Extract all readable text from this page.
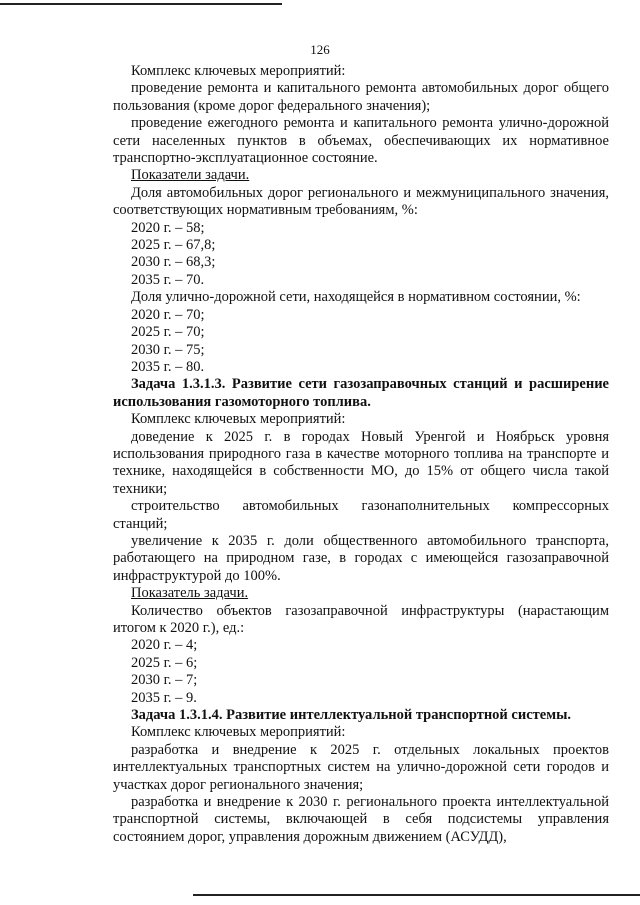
126

Комплекс ключевых мероприятий:

проведение ремонта и капитального ремонта автомобильных дорог общего пользования (кроме дорог федерального значения);

проведение ежегодного ремонта и капитального ремонта улично-дорожной сети населенных пунктов в объемах, обеспечивающих их нормативное транспортно-эксплуатационное состояние.

Показатели задачи.

Доля автомобильных дорог регионального и межмуниципального значения, соответствующих нормативным требованиям, %:

2020 г. – 58;

2025 г. – 67,8;

2030 г. – 68,3;

2035 г. – 70.

Доля улично-дорожной сети, находящейся в нормативном состоянии, %:

2020 г. – 70;

2025 г. – 70;

2030 г. – 75;

2035 г. – 80.

Задача 1.3.1.3. Развитие сети газозаправочных станций и расширение использования газомоторного топлива.

Комплекс ключевых мероприятий:

доведение к 2025 г. в городах Новый Уренгой и Ноябрьск уровня использования природного газа в качестве моторного топлива на транспорте и технике, находящейся в собственности МО, до 15% от общего числа такой техники;

строительство автомобильных газонаполнительных компрессорных станций;

увеличение к 2035 г. доли общественного автомобильного транспорта, работающего на природном газе, в городах с имеющейся газозаправочной инфраструктурой до 100%.

Показатель задачи.

Количество объектов газозаправочной инфраструктуры (нарастающим итогом к 2020 г.), ед.:

2020 г. – 4;

2025 г. – 6;

2030 г. – 7;

2035 г. – 9.

Задача 1.3.1.4. Развитие интеллектуальной транспортной системы.

Комплекс ключевых мероприятий:

разработка и внедрение к 2025 г. отдельных локальных проектов интеллектуальных транспортных систем на улично-дорожной сети городов и участках дорог регионального значения;

разработка и внедрение к 2030 г. регионального проекта интеллектуальной транспортной системы, включающей в себя подсистемы управления состоянием дорог, управления дорожным движением (АСУДД),
